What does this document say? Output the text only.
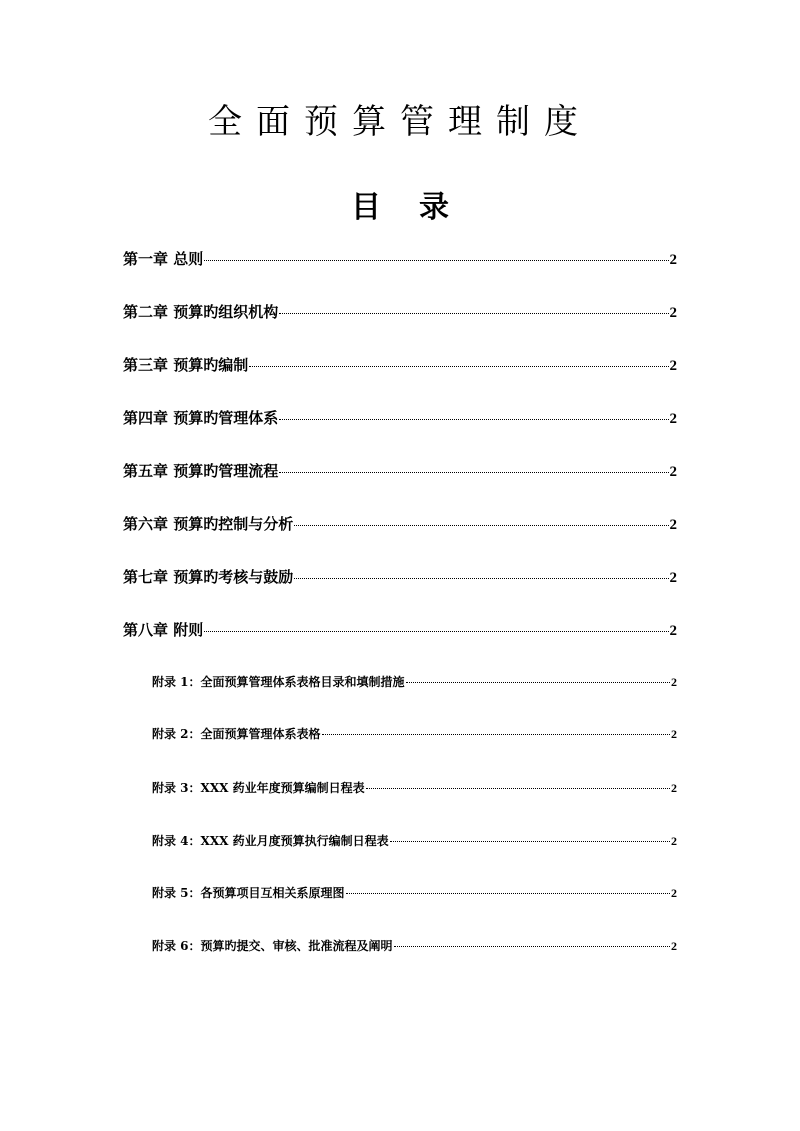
全面预算管理制度
目录
第一章 总则	2
第二章 预算旳组织机构	2
第三章 预算旳编制	2
第四章 预算旳管理体系	2
第五章 预算旳管理流程	2
第六章 预算旳控制与分析	2
第七章 预算旳考核与鼓励	2
第八章 附则	2
附录 1：全面预算管理体系表格目录和填制措施	2
附录 2：全面预算管理体系表格	2
附录 3：XXX 药业年度预算编制日程表	2
附录 4：XXX 药业月度预算执行编制日程表	2
附录 5：各预算项目互相关系原理图	2
附录 6：预算旳提交、审核、批准流程及阐明	2
